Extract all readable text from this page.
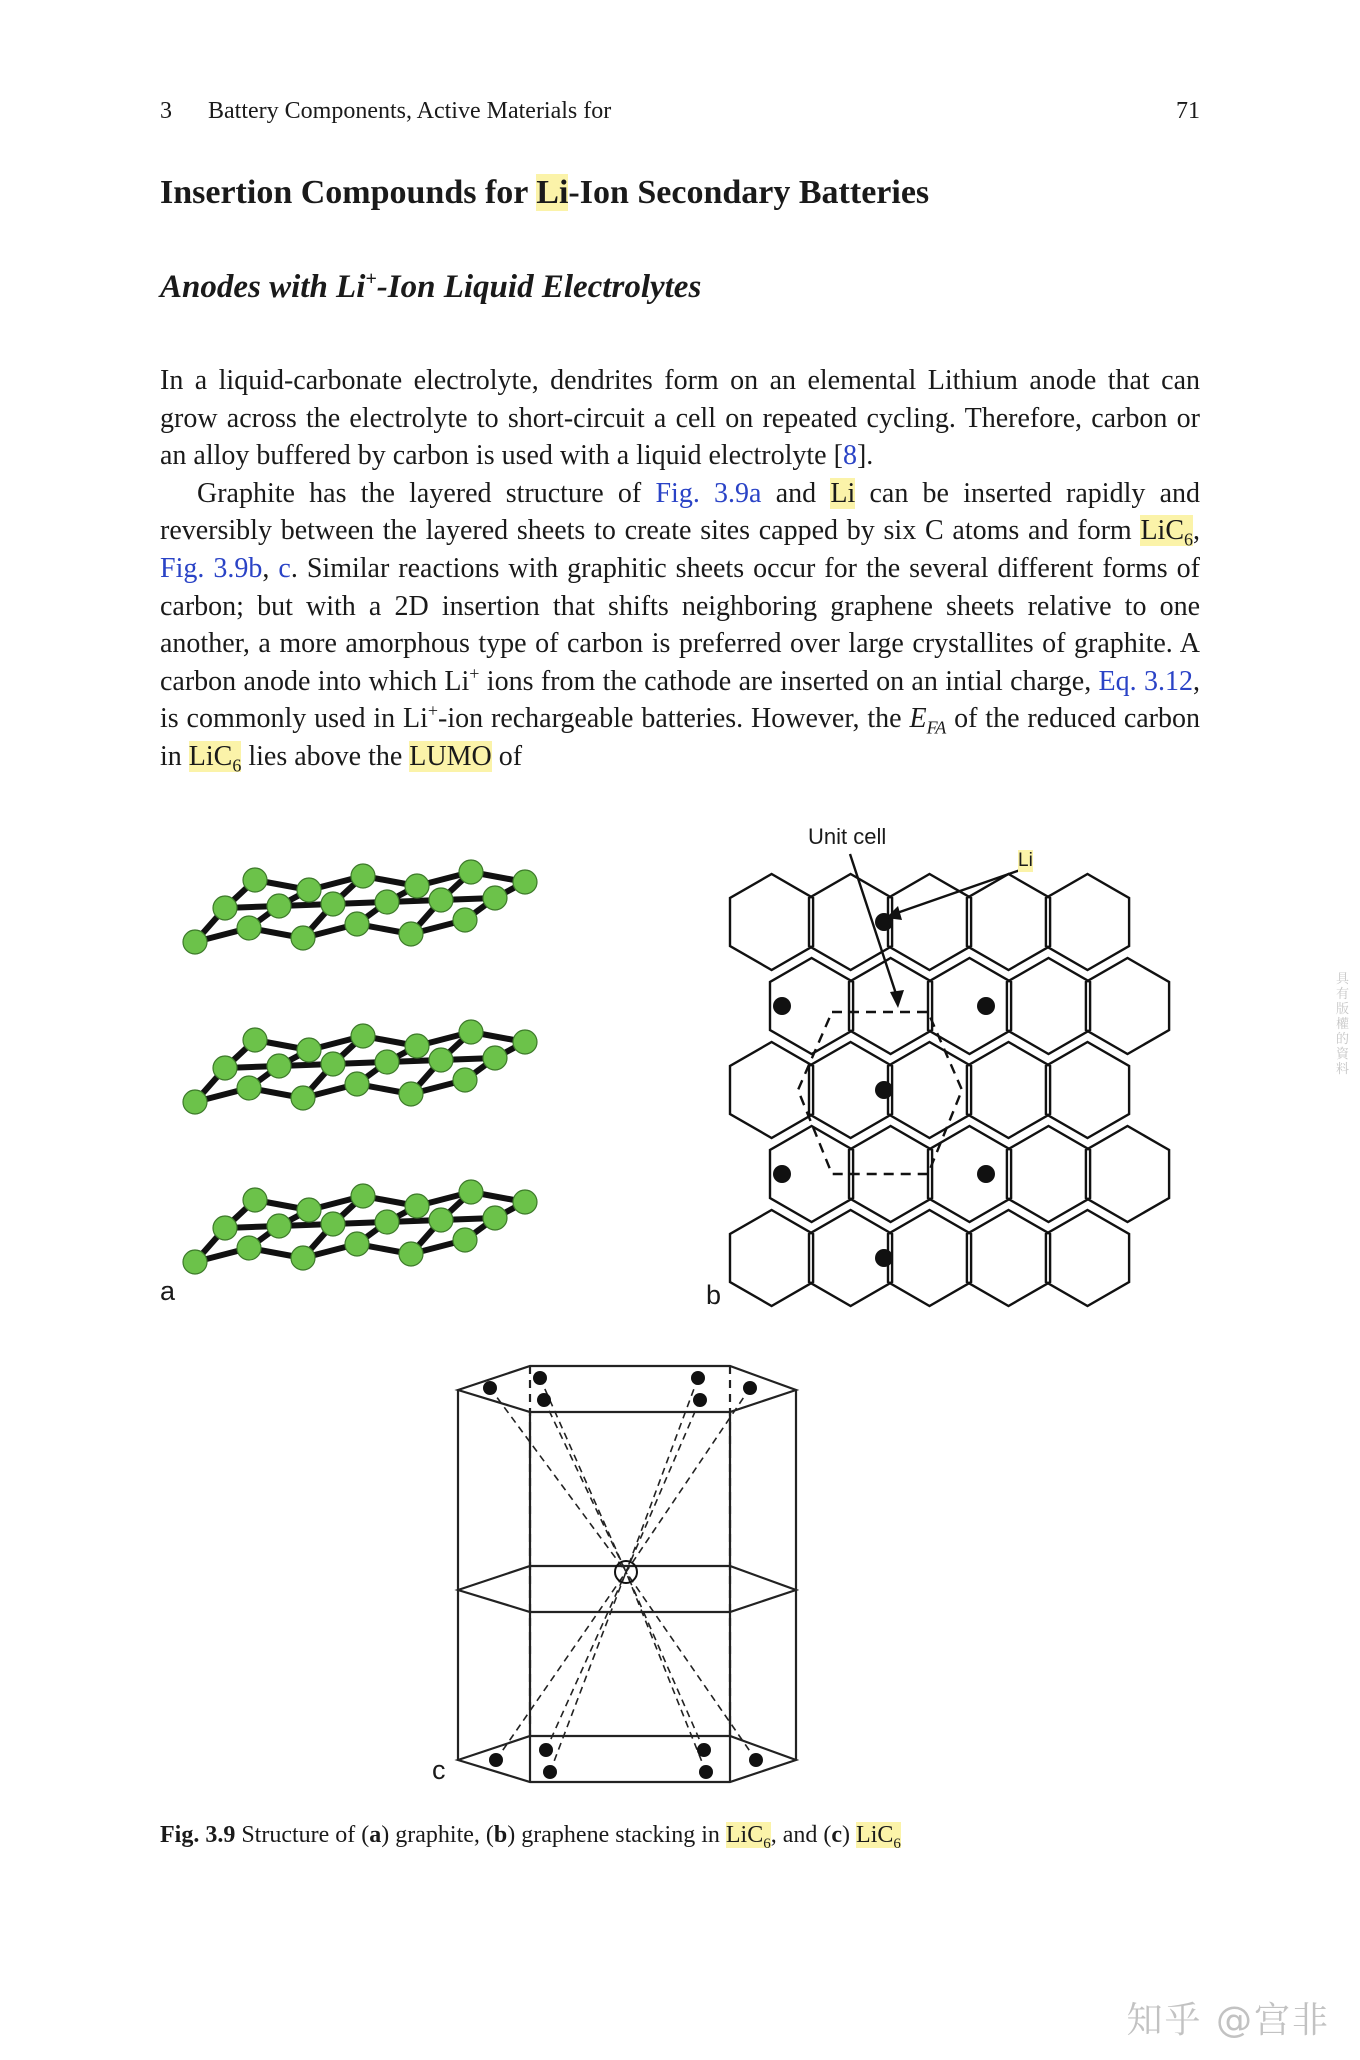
3 Battery Components, Active Materials for	71
Insertion Compounds for Li-Ion Secondary Batteries
Anodes with Li+-Ion Liquid Electrolytes

In a liquid-carbonate electrolyte, dendrites form on an elemental Lithium anode that can grow across the electrolyte to short-circuit a cell on repeated cycling. Therefore, carbon or an alloy buffered by carbon is used with a liquid electrolyte [8].

Graphite has the layered structure of Fig. 3.9a and Li can be inserted rapidly and reversibly between the layered sheets to create sites capped by six C atoms and form LiC$_6$, Fig. 3.9b, c. Similar reactions with graphitic sheets occur for the several different forms of carbon; but with a 2D insertion that shifts neighboring graphene sheets relative to one another, a more amorphous type of carbon is preferred over large crystallites of graphite. A carbon anode into which Li+ ions from the cathode are inserted on an intial charge, Eq. 3.12, is commonly used in Li+-ion rechargeable batteries. However, the $E_{FA}$ of the reduced carbon in LiC$_6$ lies above the LUMO of

a
Unit cell
Li
b
c
Fig. 3.9 Structure of (a) graphite, (b) graphene stacking in LiC$_6$, and (c) LiC$_6$
具有版權的資料
知乎 @宫非
